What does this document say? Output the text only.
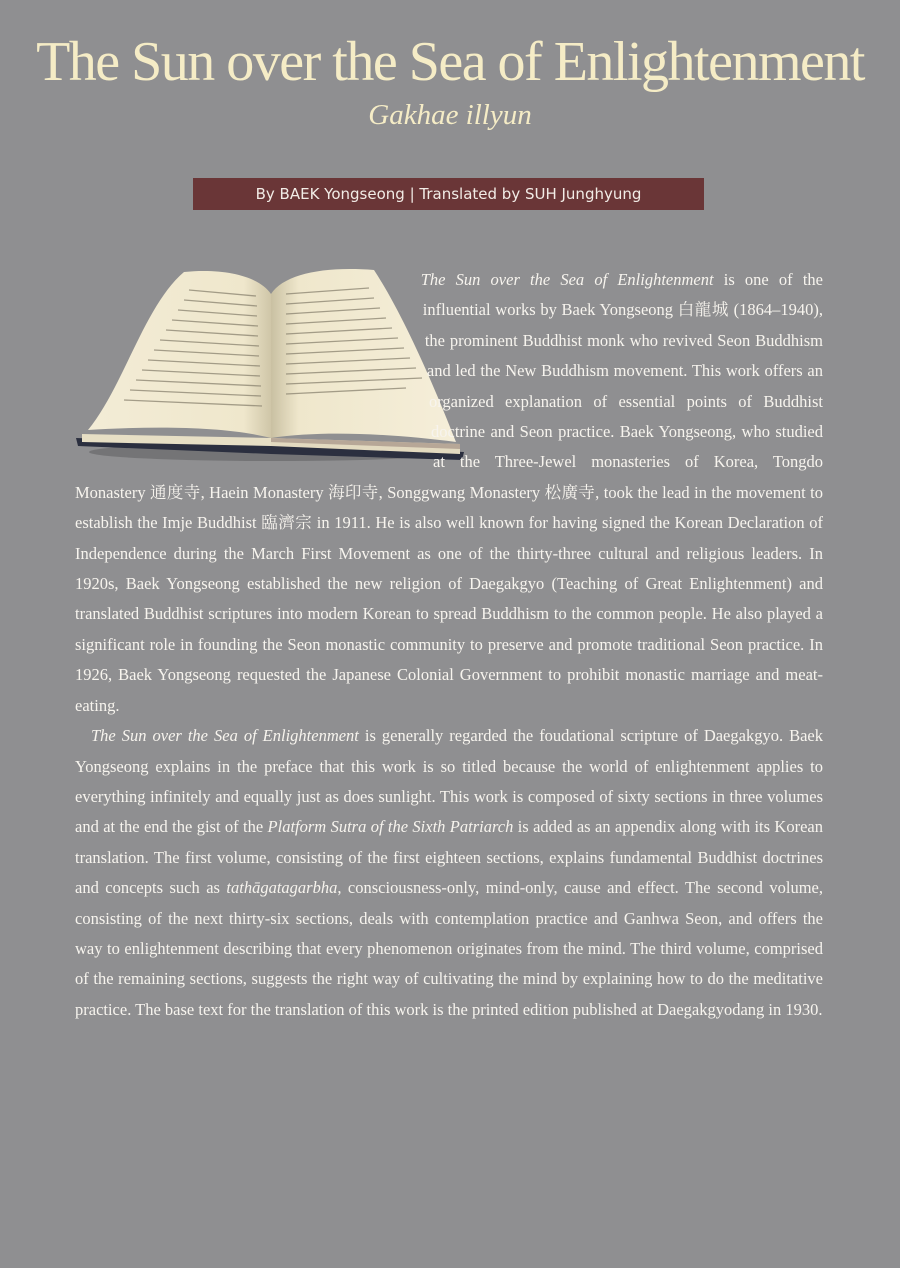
The Sun over the Sea of Enlightenment
Gakhae illyun
By BAEK Yongseong | Translated by SUH Junghyung

The Sun over the Sea of Enlightenment is one of the influential works by Baek Yongseong 白龍城 (1864–1940), the prominent Buddhist monk who revived Seon Buddhism and led the New Buddhism movement. This work offers an organized explanation of essential points of Buddhist doctrine and Seon practice. Baek Yongseong, who studied at the Three-Jewel monasteries of Korea, Tongdo Monastery 通度寺, Haein Monastery 海印寺, Songgwang Monastery 松廣寺, took the lead in the movement to establish the Imje Buddhist 臨濟宗 in 1911. He is also well known for having signed the Korean Declaration of Independence during the March First Movement as one of the thirty-three cultural and religious leaders. In 1920s, Baek Yongseong established the new religion of Daegakgyo (Teaching of Great Enlightenment) and translated Buddhist scriptures into modern Korean to spread Buddhism to the common people. He also played a significant role in founding the Seon monastic community to preserve and promote traditional Seon practice. In 1926, Baek Yongseong requested the Japanese Colonial Government to prohibit monastic marriage and meat-eating.

The Sun over the Sea of Enlightenment is generally regarded the foudational scripture of Daegakgyo. Baek Yongseong explains in the preface that this work is so titled because the world of enlightenment applies to everything infinitely and equally just as does sunlight. This work is composed of sixty sections in three volumes and at the end the gist of the Platform Sutra of the Sixth Patriarch is added as an appendix along with its Korean translation. The first volume, consisting of the first eighteen sections, explains fundamental Buddhist doctrines and concepts such as tathāgatagarbha, consciousness-only, mind-only, cause and effect. The second volume, consisting of the next thirty-six sections, deals with contemplation practice and Ganhwa Seon, and offers the way to enlightenment describing that every phenomenon originates from the mind. The third volume, comprised of the remaining sections, suggests the right way of cultivating the mind by explaining how to do the meditative practice. The base text for the translation of this work is the printed edition published at Daegakgyodang in 1930.
